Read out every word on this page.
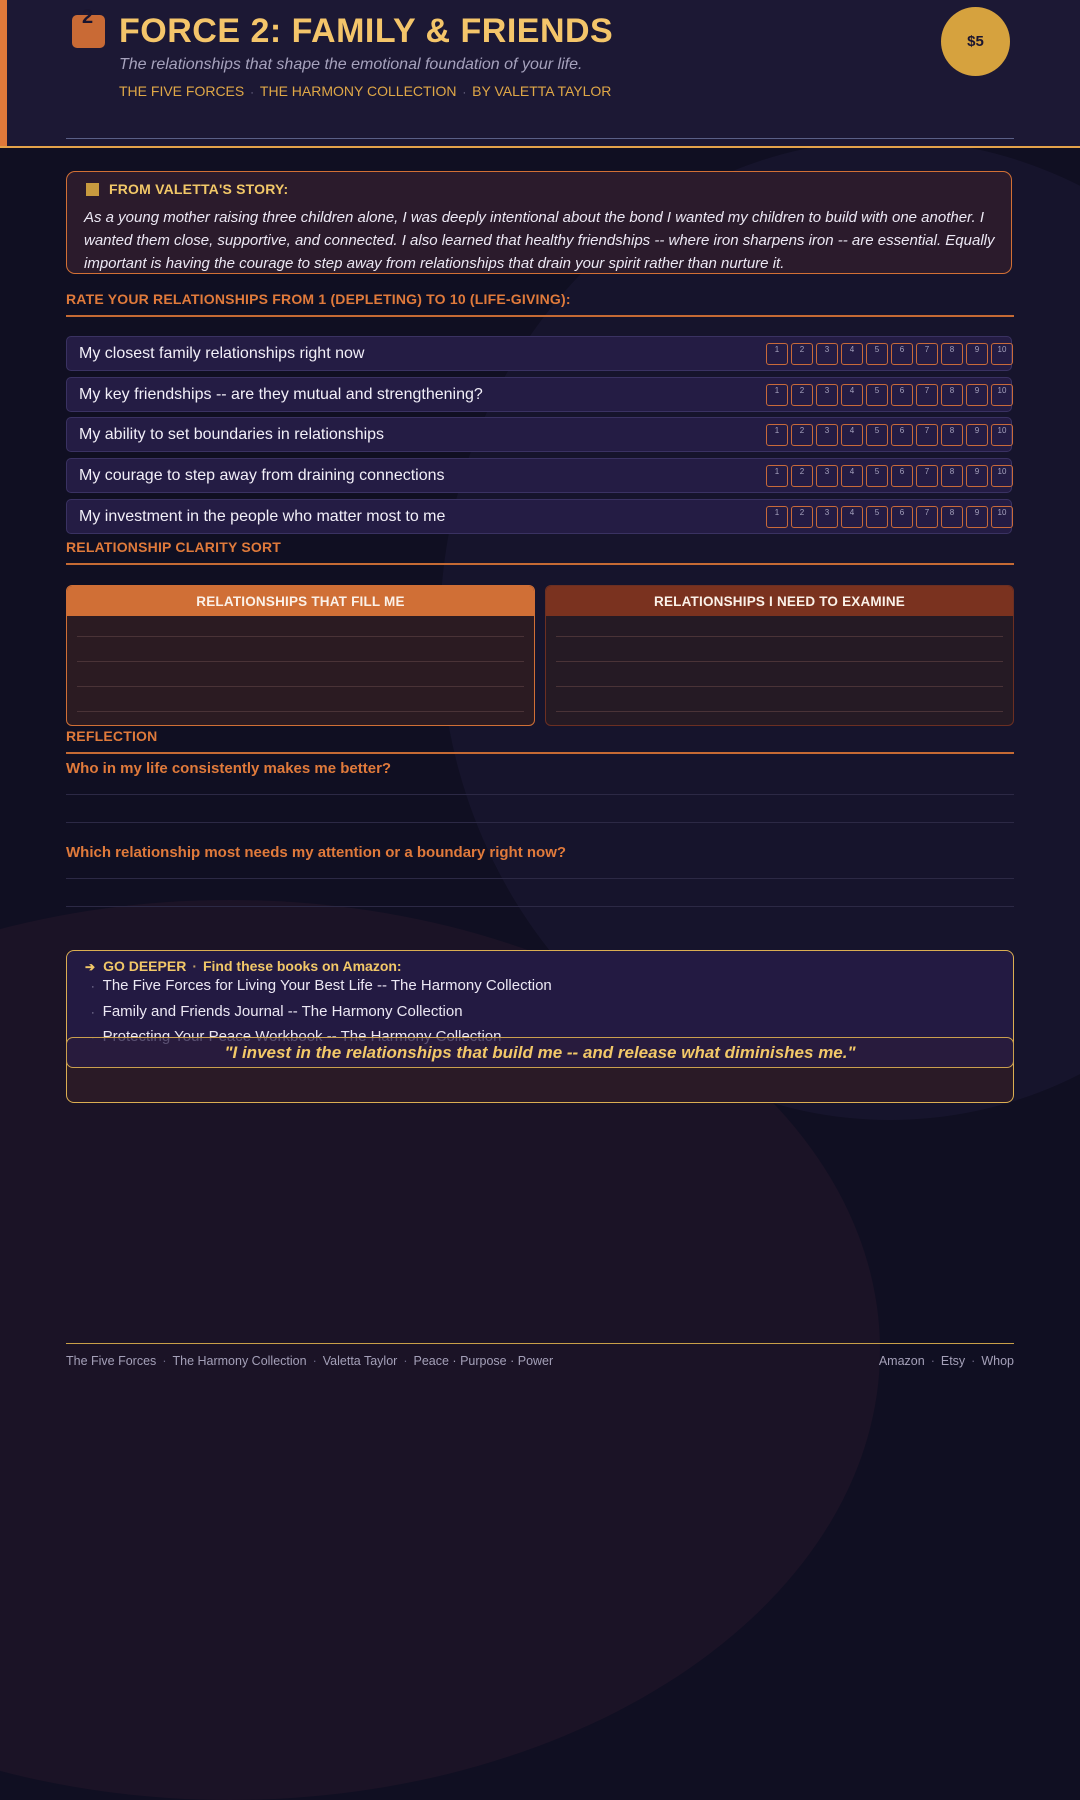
2 FORCE 2: FAMILY & FRIENDS
The relationships that shape the emotional foundation of your life.
THE FIVE FORCES · THE HARMONY COLLECTION · BY VALETTA TAYLOR
$5
FROM VALETTA'S STORY:
As a young mother raising three children alone, I was deeply intentional about the bond I wanted my children to build with one another. I wanted them close, supportive, and connected. I also learned that healthy friendships -- where iron sharpens iron -- are essential. Equally important is having the courage to step away from relationships that drain your spirit rather than nurture it.
RATE YOUR RELATIONSHIPS FROM 1 (DEPLETING) TO 10 (LIFE-GIVING):
My closest family relationships right now	1	2	3	4	5	6	7	8	9	10
My key friendships -- are they mutual and strengthening?	1	2	3	4	5	6	7	8	9	10
My ability to set boundaries in relationships	1	2	3	4	5	6	7	8	9	10
My courage to step away from draining connections	1	2	3	4	5	6	7	8	9	10
My investment in the people who matter most to me	1	2	3	4	5	6	7	8	9	10
RELATIONSHIP CLARITY SORT
RELATIONSHIPS THAT FILL ME	RELATIONSHIPS I NEED TO EXAMINE
REFLECTION
Who in my life consistently makes me better?
Which relationship most needs my attention or a boundary right now?
➔ GO DEEPER · Find these books on Amazon:
· The Five Forces for Living Your Best Life -- The Harmony Collection
· Family and Friends Journal -- The Harmony Collection
"I invest in the relationships that build me -- and release what diminishes me."
The Five Forces · The Harmony Collection · Valetta Taylor · Peace · Purpose · Power	Amazon · Etsy · Whop
